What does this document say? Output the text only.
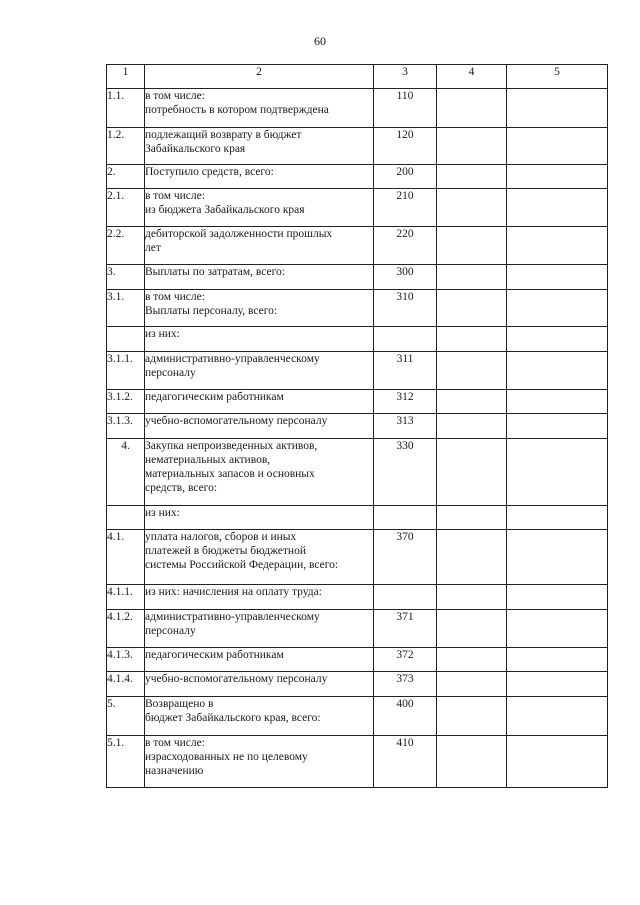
60
1	2	3	4	5
1.1.	в том числе:
потребность в котором подтверждена	110		
1.2.	подлежащий возврату в бюджет
Забайкальского края	120		
2.	Поступило средств, всего:	200		
2.1.	в том числе:
из бюджета Забайкальского края	210		
2.2.	дебиторской задолженности прошлых
лет	220		
3.	Выплаты по затратам, всего:	300		
3.1.	в том числе:
Выплаты персоналу, всего:	310		

	из них:			

3.1.1.	административно-управленческому
персоналу	311		
3.1.2.	педагогическим работникам	312		
3.1.3.	учебно-вспомогательному персоналу	313		
4.	Закупка непроизведенных активов,
нематериальных активов,
материальных запасов и основных
средств, всего:	330		

	из них:			

4.1.	уплата налогов, сборов и иных
платежей в бюджеты бюджетной
системы Российской Федерации, всего:	370		
4.1.1.	из них: начисления на оплату труда:			

4.1.2.	административно-управленческому
персоналу	371		
4.1.3.	педагогическим работникам	372		
4.1.4.	учебно-вспомогательному персоналу	373		
5.	Возвращено в
бюджет Забайкальского края, всего:	400		
5.1.	в том числе:
израсходованных не по целевому
назначению	410		
